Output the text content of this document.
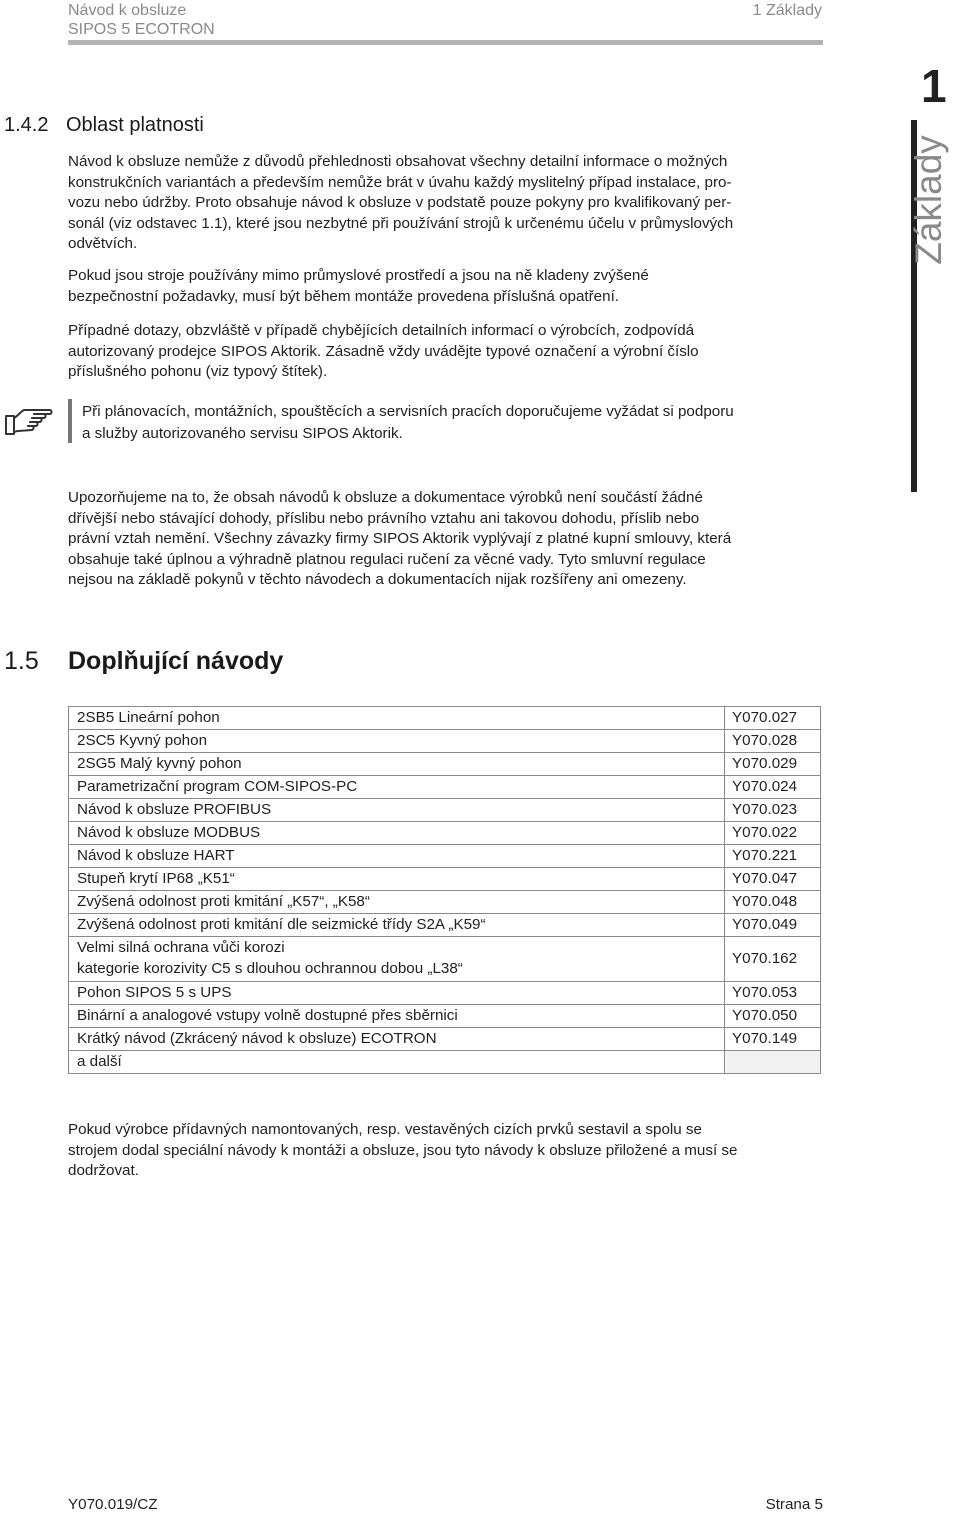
Návod k obsluze
SIPOS 5 ECOTRON
1 Základy
1
Základy
1.4.2 Oblast platnosti
Návod k obsluze nemůže z důvodů přehlednosti obsahovat všechny detailní informace o možných
konstrukčních variantách a především nemůže brát v úvahu každý myslitelný případ instalace, pro-
vozu nebo údržby. Proto obsahuje návod k obsluze v podstatě pouze pokyny pro kvalifikovaný per-
sonál (viz odstavec 1.1), které jsou nezbytné při používání strojů k určenému účelu v průmyslových
odvětvích.
Pokud jsou stroje používány mimo průmyslové prostředí a jsou na ně kladeny zvýšené
bezpečnostní požadavky, musí být během montáže provedena příslušná opatření.
Případné dotazy, obzvláště v případě chybějících detailních informací o výrobcích, zodpovídá
autorizovaný prodejce SIPOS Aktorik. Zásadně vždy uvádějte typové označení a výrobní číslo
příslušného pohonu (viz typový štítek).
Při plánovacích, montážních, spouštěcích a servisních pracích doporučujeme vyžádat si podporu
a služby autorizovaného servisu SIPOS Aktorik.
Upozorňujeme na to, že obsah návodů k obsluze a dokumentace výrobků není součástí žádné
dřívější nebo stávající dohody, příslibu nebo právního vztahu ani takovou dohodu, příslib nebo
právní vztah nemění. Všechny závazky firmy SIPOS Aktorik vyplývají z platné kupní smlouvy, která
obsahuje také úplnou a výhradně platnou regulaci ručení za věcné vady. Tyto smluvní regulace
nejsou na základě pokynů v těchto návodech a dokumentacích nijak rozšířeny ani omezeny.
1.5 Doplňující návody
2SB5 Lineární pohon	Y070.027

2SC5 Kyvný pohon	Y070.028

2SG5 Malý kyvný pohon	Y070.029

Parametrizační program COM-SIPOS-PC	Y070.024

Návod k obsluze PROFIBUS	Y070.023

Návod k obsluze MODBUS	Y070.022

Návod k obsluze HART	Y070.221

Stupeň krytí IP68 „K51“	Y070.047

Zvýšená odolnost proti kmitání „K57“, „K58“	Y070.048

Zvýšená odolnost proti kmitání dle seizmické třídy S2A „K59“	Y070.049

Velmi silná ochrana vůči korozi
kategorie korozivity C5 s dlouhou ochrannou dobou „L38“	Y070.162

Pohon SIPOS 5 s UPS	Y070.053

Binární a analogové vstupy volně dostupné přes sběrnici	Y070.050

Krátký návod (Zkrácený návod k obsluze) ECOTRON	Y070.149

a další	

Pokud výrobce přídavných namontovaných, resp. vestavěných cizích prvků sestavil a spolu se
strojem dodal speciální návody k montáži a obsluze, jsou tyto návody k obsluze přiložené a musí se
dodržovat.
Y070.019/CZ	Strana 5
